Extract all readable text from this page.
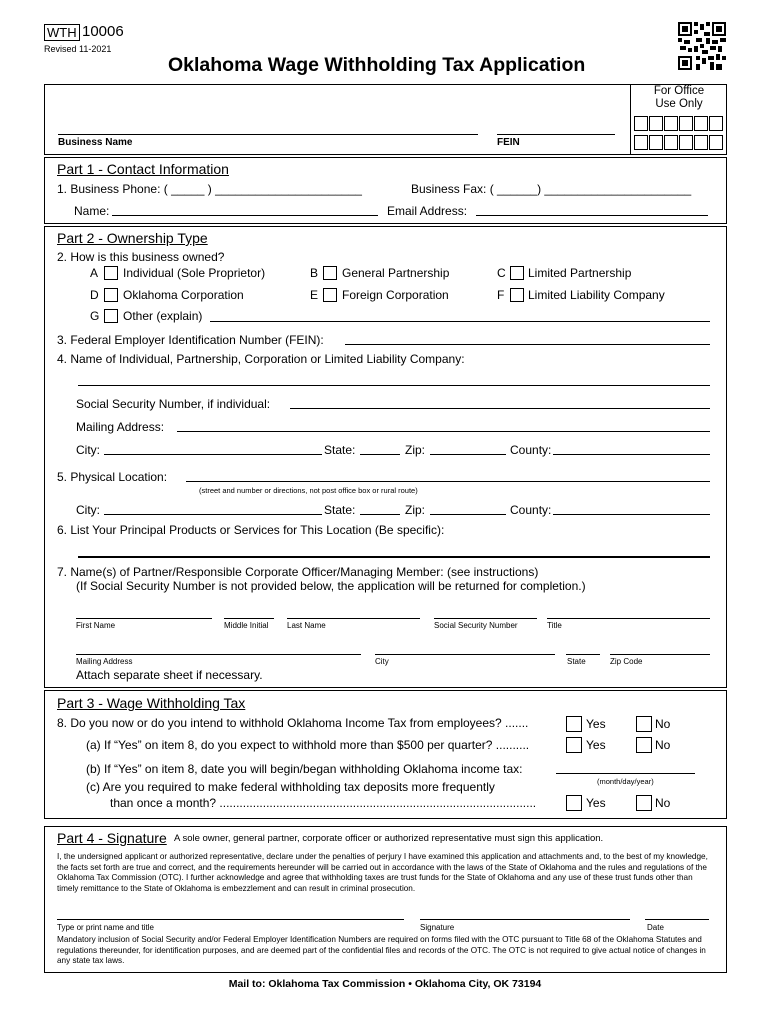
WTH 10006
Revised 11-2021
Oklahoma Wage Withholding Tax Application
For Office
Use Only
Business Name	FEIN
Part 1 - Contact Information
1. Business Phone: ( _____ ) ______________________	Business Fax: ( ______) ______________________
Name:	Email Address:
Part 2 - Ownership Type
2. How is this business owned?
A Individual (Sole Proprietor)	B General Partnership	C Limited Partnership
D Oklahoma Corporation	E Foreign Corporation	F Limited Liability Company
G Other (explain)
3. Federal Employer Identification Number (FEIN):
4. Name of Individual, Partnership, Corporation or Limited Liability Company:
Social Security Number, if individual:
Mailing Address:
City:	State:	Zip:	County:
5. Physical Location:
(street and number or directions, not post office box or rural route)
City:	State:	Zip:	County:
6. List Your Principal Products or Services for This Location (Be specific):
7. Name(s) of Partner/Responsible Corporate Officer/Managing Member: (see instructions)
(If Social Security Number is not provided below, the application will be returned for completion.)
First Name	Middle Initial Last Name	Social Security Number	Title
Mailing Address	City	State	Zip Code
Attach separate sheet if necessary.
Part 3 - Wage Withholding Tax
8. Do you now or do you intend to withhold Oklahoma Income Tax from employees? .......	Yes	No
(a) If “Yes” on item 8, do you expect to withhold more than $500 per quarter? ..........	Yes	No
(b) If “Yes” on item 8, date you will begin/began withholding Oklahoma income tax:
(month/day/year)
(c) Are you required to make federal withholding tax deposits more frequently
than once a month? ...............................................................................................	Yes	No
Part 4 - Signature A sole owner, general partner, corporate officer or authorized representative must sign this application.
I, the undersigned applicant or authorized representative, declare under the penalties of perjury I have examined this application and attachments and, to the best of my knowledge, the facts set forth are true and correct, and the requirements hereunder will be carried out in accordance with the laws of the State of Oklahoma and the rules and regulations of the Oklahoma Tax Commission (OTC). I further acknowledge and agree that withholding taxes are trust funds for the State of Oklahoma and any use of these trust funds other than timely remittance to the State of Oklahoma is embezzlement and can result in criminal prosecution.
Type or print name and title	Signature	Date
Mandatory inclusion of Social Security and/or Federal Employer Identification Numbers are required on forms filed with the OTC pursuant to Title 68 of the Oklahoma Statutes and regulations thereunder, for identification purposes, and are deemed part of the confidential files and records of the OTC. The OTC is not required to give actual notice of changes in any state tax laws.
Mail to: Oklahoma Tax Commission • Oklahoma City, OK 73194
